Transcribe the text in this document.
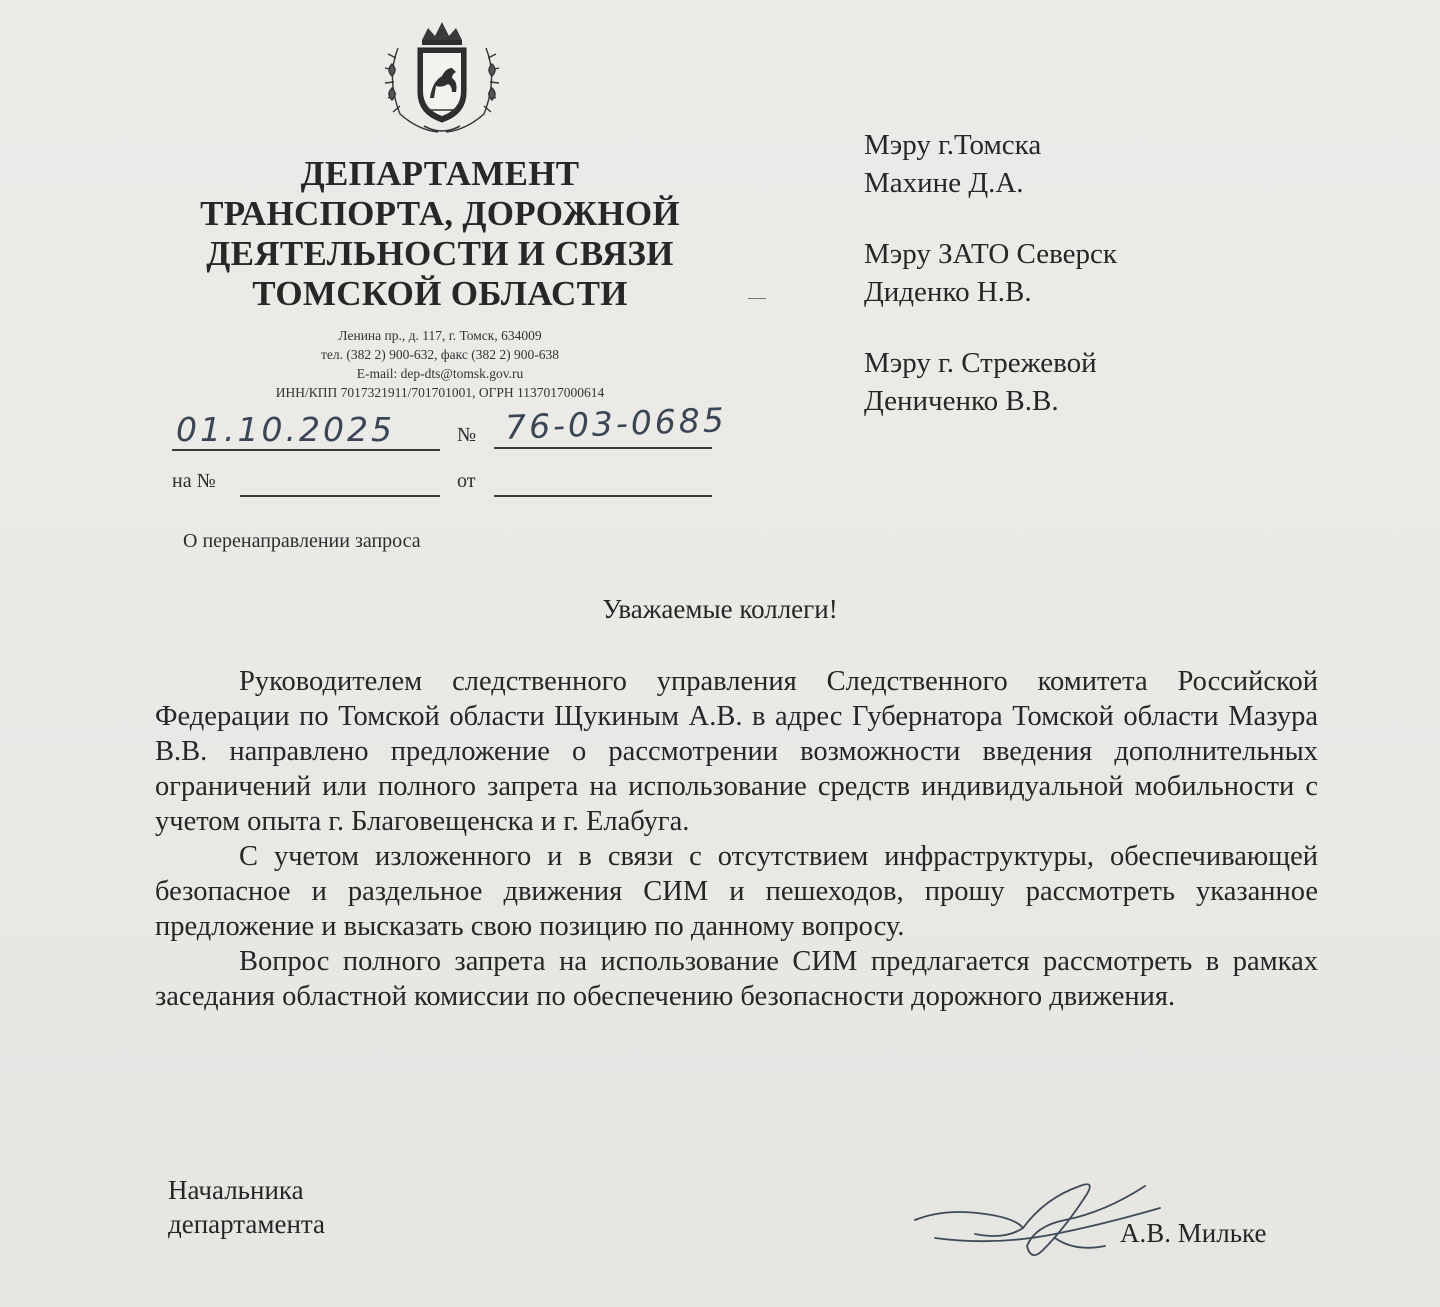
ДЕПАРТАМЕНТ
ТРАНСПОРТА, ДОРОЖНОЙ
ДЕЯТЕЛЬНОСТИ И СВЯЗИ
ТОМСКОЙ ОБЛАСТИ
Ленина пр., д. 117, г. Томск, 634009
тел. (382 2) 900-632, факс (382 2) 900-638
E-mail: dep-dts@tomsk.gov.ru
ИНН/КПП 7017321911/701701001, ОГРН 1137017000614
Мэру г.Томска
Махине Д.А.
Мэру ЗАТО Северск
Диденко Н.В.
Мэру г. Стрежевой
Дениченко В.В.
01.10.2025	№ 76-03-0685
на №	от
О перенаправлении запроса
Уважаемые коллеги!

Руководителем следственного управления Следственного комитета Российской Федерации по Томской области Щукиным А.В. в адрес Губернатора Томской области Мазура В.В. направлено предложение о рассмотрении возможности введения дополнительных ограничений или полного запрета на использование средств индивидуальной мобильности с учетом опыта г. Благовещенска и г. Елабуга.

С учетом изложенного и в связи с отсутствием инфраструктуры, обеспечивающей безопасное и раздельное движения СИМ и пешеходов, прошу рассмотреть указанное предложение и высказать свою позицию по данному вопросу.

Вопрос полного запрета на использование СИМ предлагается рассмотреть в рамках заседания областной комиссии по обеспечению безопасности дорожного движения.

Начальника
департамента	А.В. Мильке
